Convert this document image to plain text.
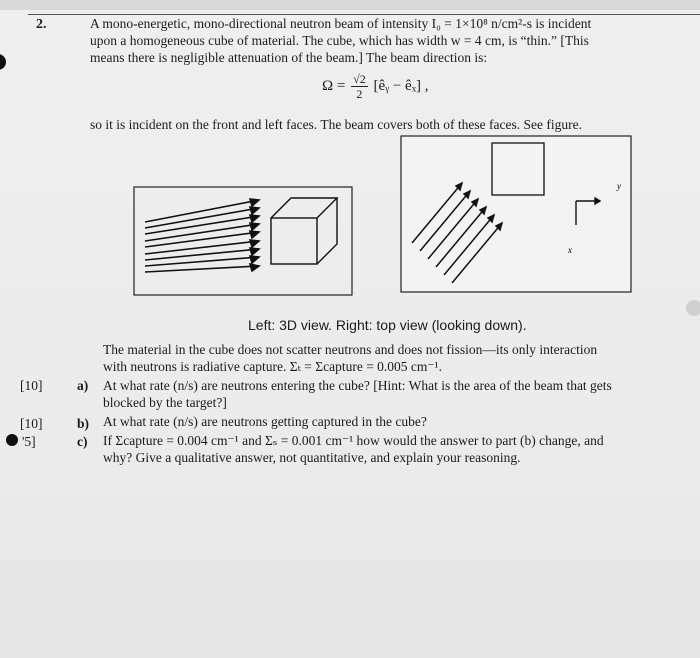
2.	A mono-energetic, mono-directional neutron beam of intensity I₀ = 1×10⁸ n/cm²-s is incident
upon a homogeneous cube of material. The cube, which has width w = 4 cm, is “thin.” [This
means there is negligible attenuation of the beam.] The beam direction is:
$\Omega = \frac{√2}{2}$ [êᵧ − êₓ] ,
so it is incident on the front and left faces. The beam covers both of these faces. See figure.
y
x
Left: 3D view. Right: top view (looking down).
The material in the cube does not scatter neutrons and does not fission—its only interaction
with neutrons is radiative capture. Σₜ = Σcapture = 0.005 cm⁻¹.
[10]	a) At what rate (n/s) are neutrons entering the cube? [Hint: What is the area of the beam that gets
blocked by the target?]
[10]	b) At what rate (n/s) are neutrons getting captured in the cube?
'5]	c) If Σcapture = 0.004 cm⁻¹ and Σₛ = 0.001 cm⁻¹ how would the answer to part (b) change, and
why? Give a qualitative answer, not quantitative, and explain your reasoning.
